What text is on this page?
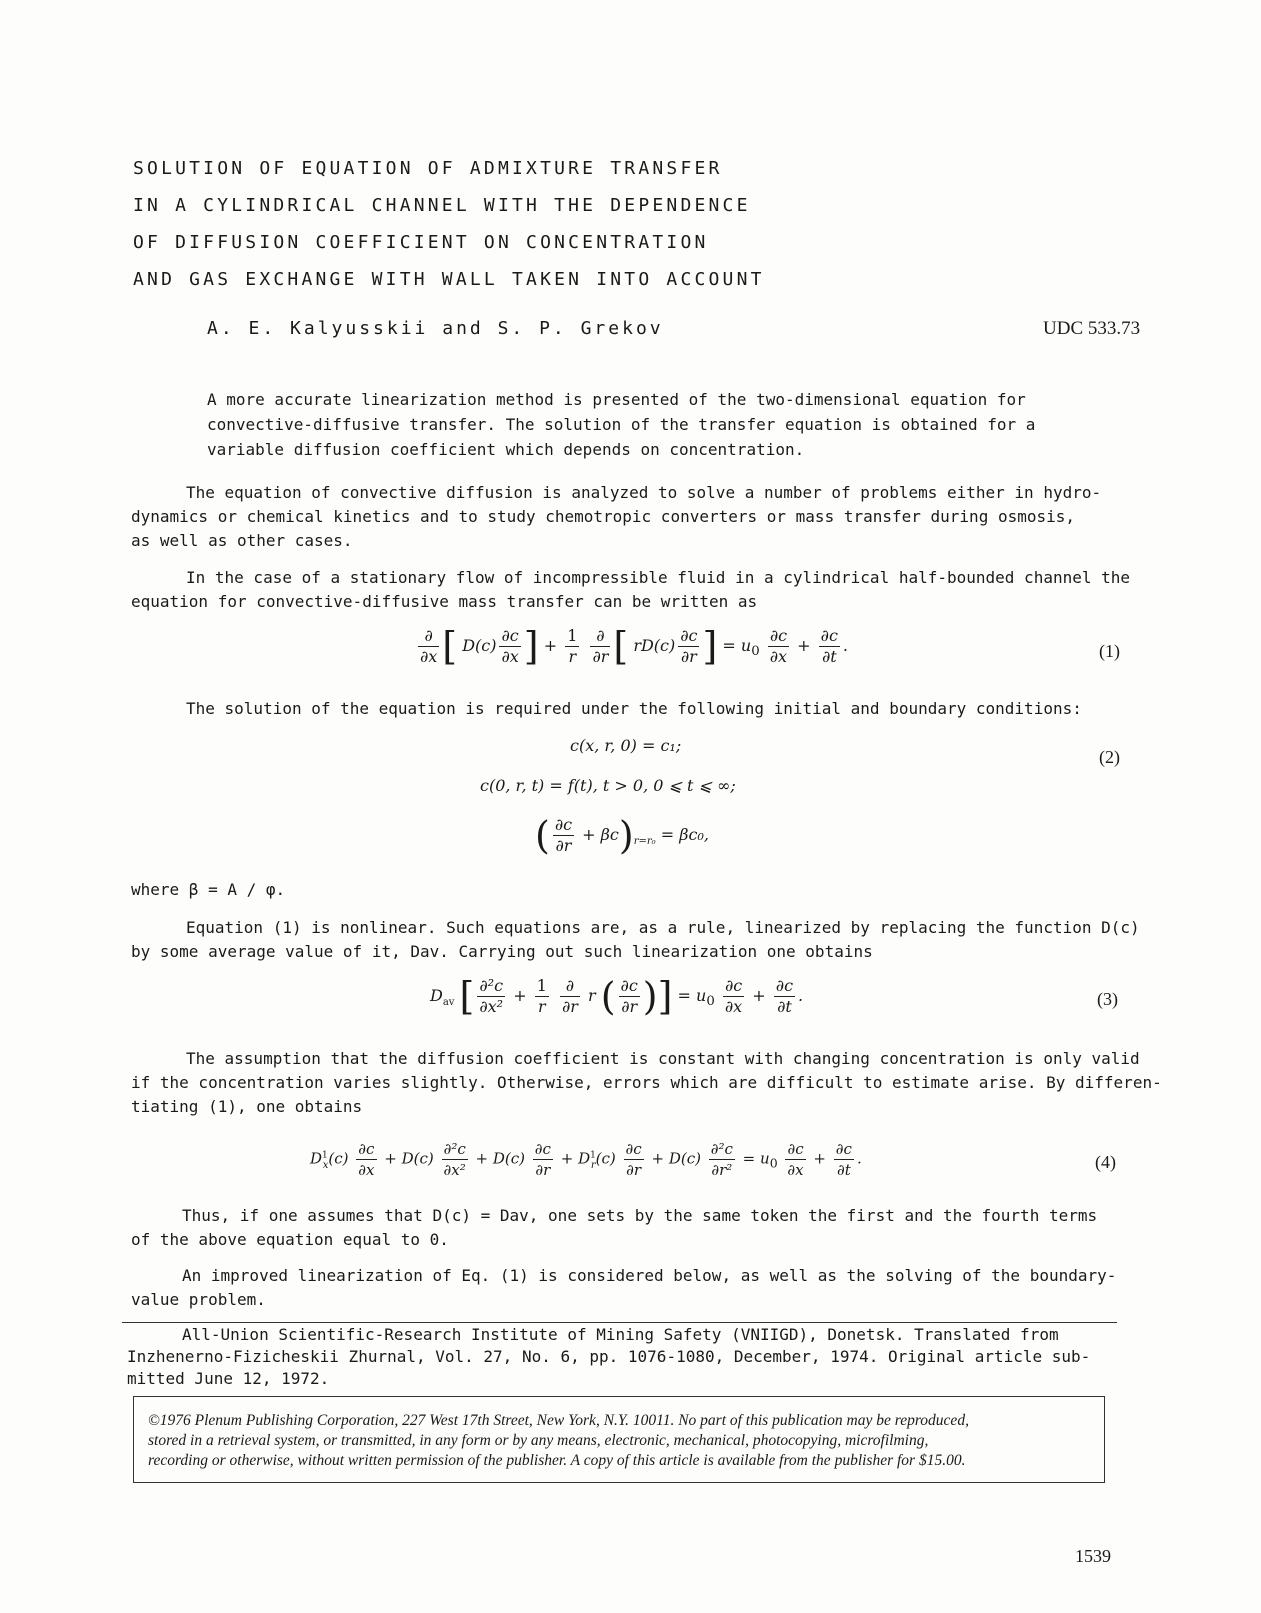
SOLUTION OF EQUATION OF ADMIXTURE TRANSFER
IN A CYLINDRICAL CHANNEL WITH THE DEPENDENCE
OF DIFFUSION COEFFICIENT ON CONCENTRATION
AND GAS EXCHANGE WITH WALL TAKEN INTO ACCOUNT
A. E. Kalyusskii and S. P. Grekov	UDC 533.73
A more accurate linearization method is presented of the two-dimensional equation for
convective-diffusive transfer. The solution of the transfer equation is obtained for a
variable diffusion coefficient which depends on concentration.
The equation of convective diffusion is analyzed to solve a number of problems either in hydro-
dynamics or chemical kinetics and to study chemotropic converters or mass transfer during osmosis,
as well as other cases.
In the case of a stationary flow of incompressible fluid in a cylindrical half-bounded channel the
equation for convective-diffusive mass transfer can be written as
$\frac{\partial}{\partial x}$ [ $D(c) \frac{\partial c}{\partial x}$ ] + $\frac{1}{r}$
$\frac{\partial}{\partial r}$ [ $rD(c) \frac{\partial c}{\partial r}$ ] = $u_0 \frac{\partial c}{\partial x} + \frac{\partial c}{\partial t}$ .	(1)
The solution of the equation is required under the following initial and boundary conditions:
c(x, r, 0) = c₁;
c(0, r, t) = f(t), t > 0, 0 ⩽ t ⩽ ∞;
( $\frac{\partial c}{\partial r} + \beta c)_{r=r_0} = \beta c_0$,
(2)
where β = A / φ.
Equation (1) is nonlinear. Such equations are, as a rule, linearized by replacing the function D(c)
by some average value of it, Dav. Carrying out such linearization one obtains
$D_{av}$ [ $\frac{\text{∂²c}}{\text{∂x²}} + \frac{1}{r}$
$\frac{\partial}{\partial r}$ r ( $\frac{\partial c}{\partial r}$ )] = $u_0 \frac{\partial c}{\partial x} + \frac{\partial c}{\partial t}$ .	(3)
The assumption that the diffusion coefficient is constant with changing concentration is only valid
if the concentration varies slightly. Otherwise, errors which are difficult to estimate arise. By differen-
tiating (1), one obtains
$D^1_x(c) \frac{\partial c}{\partial x} + D(c) \frac{\text{∂²c}}{\text{∂x²}} + D(c) \frac{\partial c}{\partial r} + D^1_r(c) \frac{\partial c}{\partial r} + D(c) \frac{\text{∂²c}}{\text{∂r²}} = u_0 \frac{\partial c}{\partial x} + \frac{\partial c}{\partial t}$ .	(4)
Thus, if one assumes that D(c) = Dav, one sets by the same token the first and the fourth terms
of the above equation equal to 0.
An improved linearization of Eq. (1) is considered below, as well as the solving of the boundary-
value problem.
All-Union Scientific-Research Institute of Mining Safety (VNIIGD), Donetsk. Translated from
Inzhenerno-Fizicheskii Zhurnal, Vol. 27, No. 6, pp. 1076-1080, December, 1974. Original article sub-
mitted June 12, 1972.
©1976 Plenum Publishing Corporation, 227 West 17th Street, New York, N.Y. 10011. No part of this publication may be reproduced,
stored in a retrieval system, or transmitted, in any form or by any means, electronic, mechanical, photocopying, microfilming,
recording or otherwise, without written permission of the publisher. A copy of this article is available from the publisher for $15.00.
1539
